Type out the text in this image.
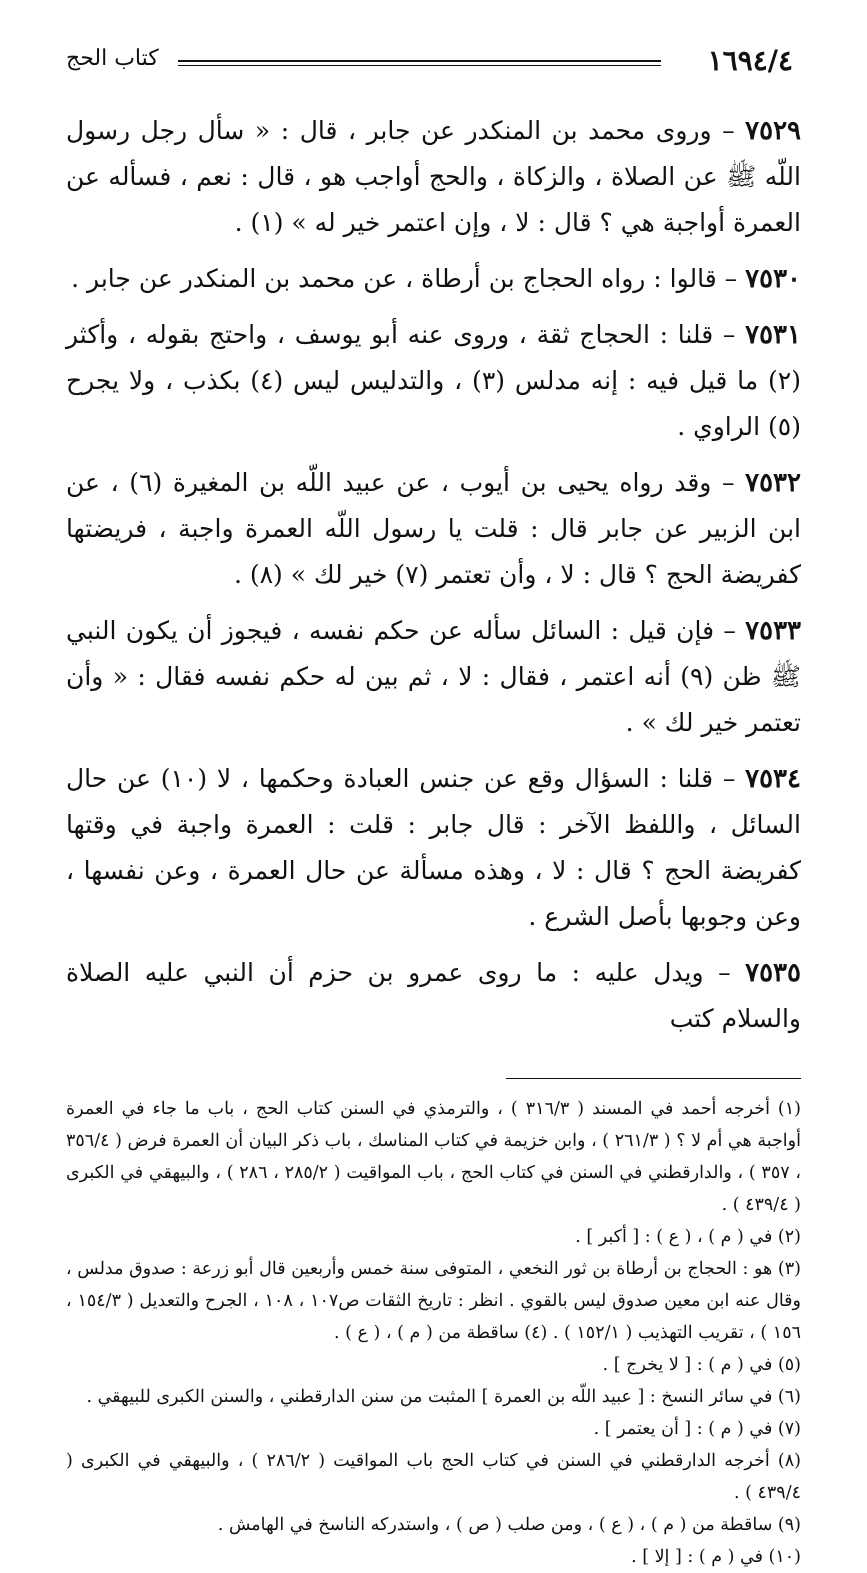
١٦٩٤/٤
كتاب الحج

٧٥٢٩ – وروى محمد بن المنكدر عن جابر ، قال : « سأل رجل رسول اللّه ﷺ عن الصلاة ، والزكاة ، والحج أواجب هو ، قال : نعم ، فسأله عن العمرة أواجبة هي ؟ قال : لا ، وإن اعتمر خير له » (١) .

٧٥٣٠ – قالوا : رواه الحجاج بن أرطاة ، عن محمد بن المنكدر عن جابر .

٧٥٣١ – قلنا : الحجاج ثقة ، وروى عنه أبو يوسف ، واحتج بقوله ، وأكثر (٢) ما قيل فيه : إنه مدلس (٣) ، والتدليس ليس (٤) بكذب ، ولا يجرح (٥) الراوي .

٧٥٣٢ – وقد رواه يحيى بن أيوب ، عن عبيد اللّه بن المغيرة (٦) ، عن ابن الزبير عن جابر قال : قلت يا رسول اللّه العمرة واجبة ، فريضتها كفريضة الحج ؟ قال : لا ، وأن تعتمر (٧) خير لك » (٨) .

٧٥٣٣ – فإن قيل : السائل سأله عن حكم نفسه ، فيجوز أن يكون النبي ﷺ ظن (٩) أنه اعتمر ، فقال : لا ، ثم بين له حكم نفسه فقال : « وأن تعتمر خير لك » .

٧٥٣٤ – قلنا : السؤال وقع عن جنس العبادة وحكمها ، لا (١٠) عن حال السائل ، واللفظ الآخر : قال جابر : قلت : العمرة واجبة في وقتها كفريضة الحج ؟ قال : لا ، وهذه مسألة عن حال العمرة ، وعن نفسها ، وعن وجوبها بأصل الشرع .

٧٥٣٥ – ويدل عليه : ما روى عمرو بن حزم أن النبي عليه الصلاة والسلام كتب

(١) أخرجه أحمد في المسند ( ٣١٦/٣ ) ، والترمذي في السنن كتاب الحج ، باب ما جاء في العمرة أواجبة هي أم لا ؟ ( ٢٦١/٣ ) ، وابن خزيمة في كتاب المناسك ، باب ذكر البيان أن العمرة فرض ( ٣٥٦/٤ ، ٣٥٧ ) ، والدارقطني في السنن في كتاب الحج ، باب المواقيت ( ٢٨٥/٢ ، ٢٨٦ ) ، والبيهقي في الكبرى ( ٤٣٩/٤ ) .

(٢) في ( م ) ، ( ع ) : [ أكبر ] .

(٣) هو : الحجاج بن أرطاة بن ثور النخعي ، المتوفى سنة خمس وأربعين قال أبو زرعة : صدوق مدلس ، وقال عنه ابن معين صدوق ليس بالقوي . انظر : تاريخ الثقات ص١٠٧ ، ١٠٨ ، الجرح والتعديل ( ١٥٤/٣ ، ١٥٦ ) ، تقريب التهذيب ( ١٥٢/١ ) . (٤) ساقطة من ( م ) ، ( ع ) .

(٥) في ( م ) : [ لا يخرج ] .

(٦) في سائر النسخ : [ عبيد اللّه بن العمرة ] المثبت من سنن الدارقطني ، والسنن الكبرى للبيهقي .

(٧) في ( م ) : [ أن يعتمر ] .

(٨) أخرجه الدارقطني في السنن في كتاب الحج باب المواقيت ( ٢٨٦/٢ ) ، والبيهقي في الكبرى ( ٤٣٩/٤ ) .

(٩) ساقطة من ( م ) ، ( ع ) ، ومن صلب ( ص ) ، واستدركه الناسخ في الهامش .

(١٠) في ( م ) : [ إلا ] .
